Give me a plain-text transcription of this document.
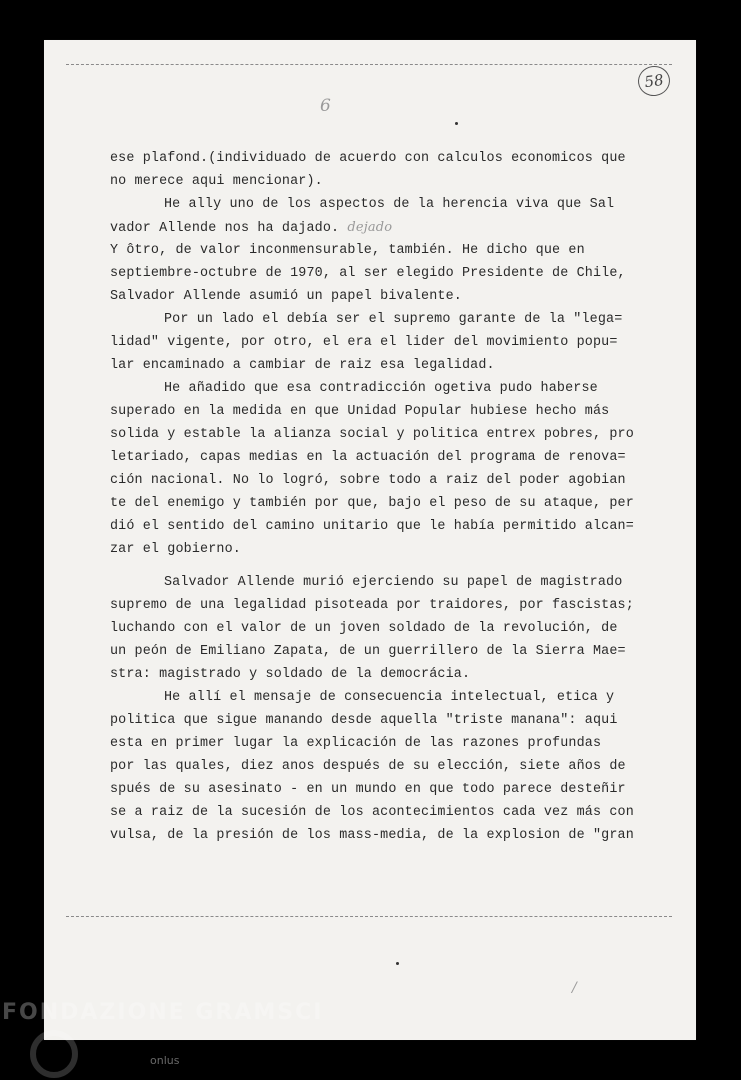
58
6
ese plafond.(individuado de acuerdo con calculos economicos que
no merece aqui mencionar).
He ally uno de los aspectos de la herencia viva que Sal
vador Allende nos ha dajado. dejado
Y ôtro, de valor inconmensurable, también. He dicho que en
septiembre-octubre de 1970, al ser elegido Presidente de Chile,
Salvador Allende asumió un papel bivalente.
Por un lado el debía ser el supremo garante de la "lega=
lidad" vigente, por otro, el era el lider del movimiento popu=
lar encaminado a cambiar de raiz esa legalidad.
He añadido que esa contradicción ogetiva pudo haberse
superado en la medida en que Unidad Popular hubiese hecho más
solida y estable la alianza social y politica entrex pobres, pro
letariado, capas medias en la actuación del programa de renova=
ción nacional. No lo logró, sobre todo a raiz del poder agobian
te del enemigo y también por que, bajo el peso de su ataque, per
dió el sentido del camino unitario que le había permitido alcan=
zar el gobierno.
Salvador Allende murió ejerciendo su papel de magistrado
supremo de una legalidad pisoteada por traidores, por fascistas;
luchando con el valor de un joven soldado de la revolución, de
un peón de Emiliano Zapata, de un guerrillero de la Sierra Mae=
stra: magistrado y soldado de la democrácia.
He allí el mensaje de consecuencia intelectual, etica y
politica que sigue manando desde aquella "triste manana": aqui
esta en primer lugar la explicación de las razones profundas
por las quales, diez anos después de su elección, siete años de
spués de su asesinato - en un mundo en que todo parece desteñir
se a raiz de la sucesión de los acontecimientos cada vez más con
vulsa, de la presión de los mass-media, de la explosion de "gran
/
FONDAZIONE GRAMSCI
onlus
